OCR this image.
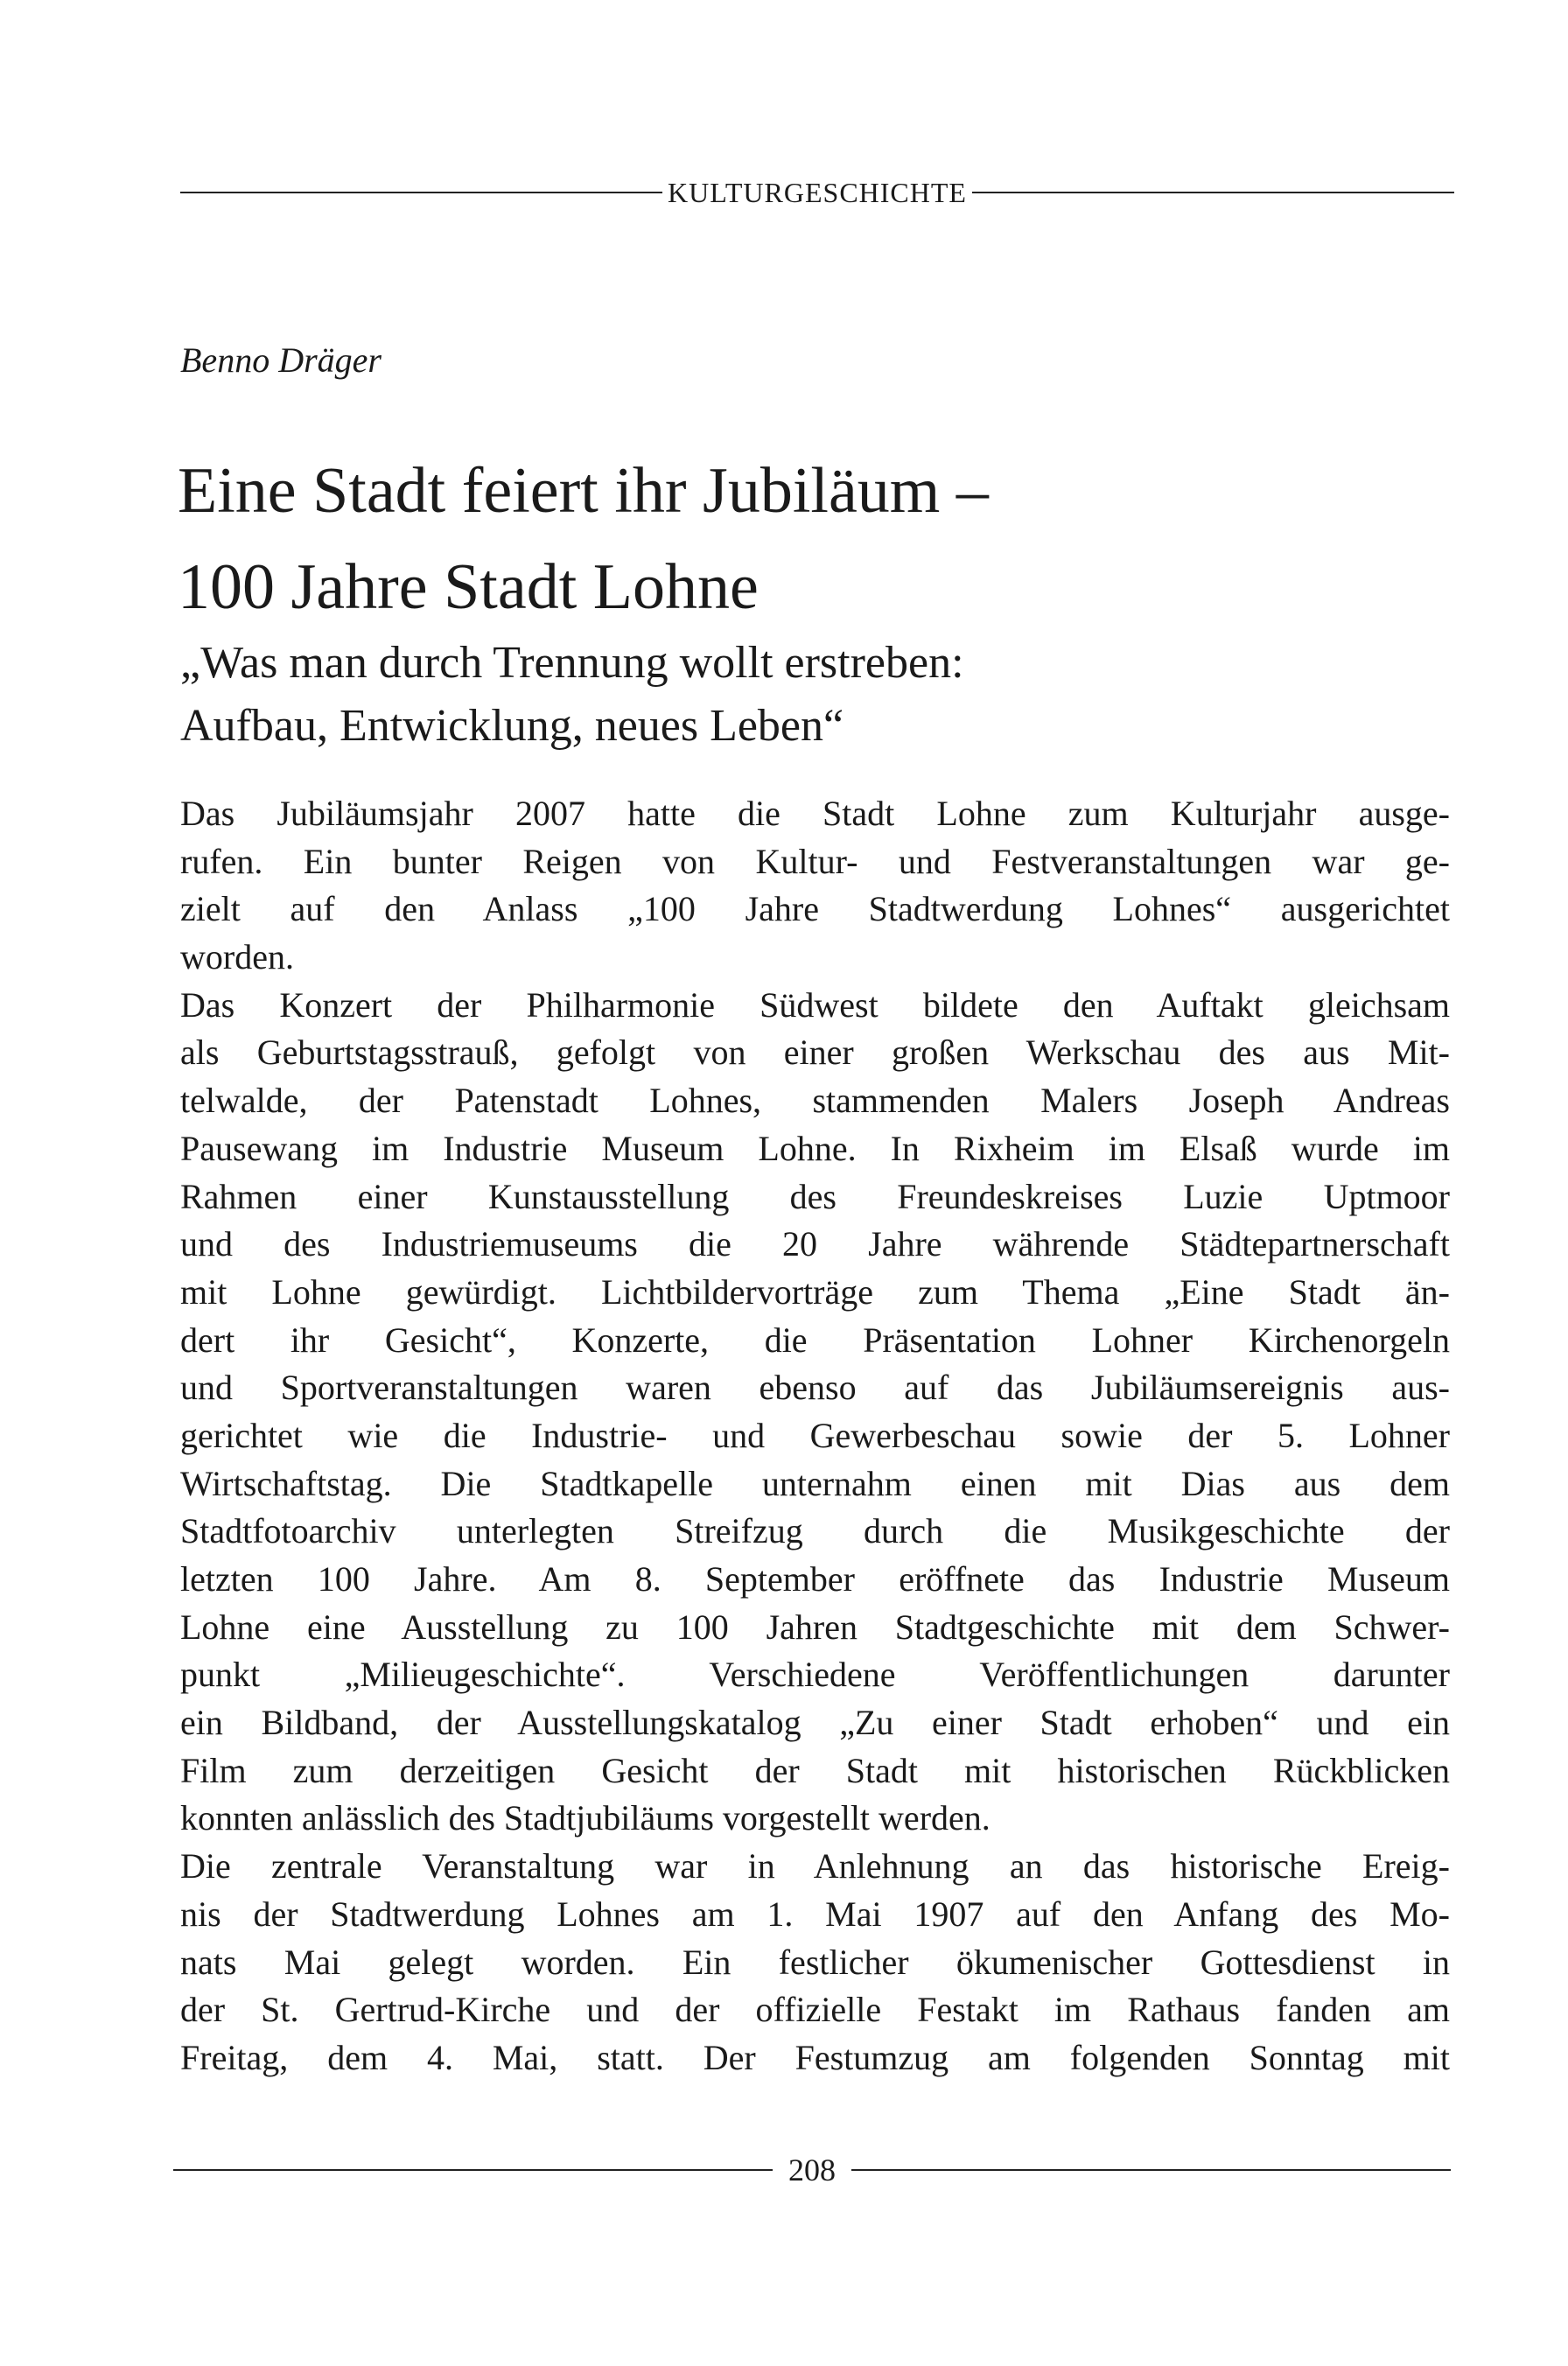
KULTURGESCHICHTE
Benno Dräger
Eine Stadt feiert ihr Jubiläum –
100 Jahre Stadt Lohne
„Was man durch Trennung wollt erstreben:
Aufbau, Entwicklung, neues Leben“
Das Jubiläumsjahr 2007 hatte die Stadt Lohne zum Kulturjahr ausge-
rufen. Ein bunter Reigen von Kultur- und Festveranstaltungen war ge-
zielt auf den Anlass „100 Jahre Stadtwerdung Lohnes“ ausgerichtet
worden.
Das Konzert der Philharmonie Südwest bildete den Auftakt gleichsam
als Geburtstagsstrauß, gefolgt von einer großen Werkschau des aus Mit-
telwalde, der Patenstadt Lohnes, stammenden Malers Joseph Andreas
Pausewang im Industrie Museum Lohne. In Rixheim im Elsaß wurde im
Rahmen einer Kunstausstellung des Freundeskreises Luzie Uptmoor
und des Industriemuseums die 20 Jahre währende Städtepartnerschaft
mit Lohne gewürdigt. Lichtbildervorträge zum Thema „Eine Stadt än-
dert ihr Gesicht“, Konzerte, die Präsentation Lohner Kirchenorgeln
und Sportveranstaltungen waren ebenso auf das Jubiläumsereignis aus-
gerichtet wie die Industrie- und Gewerbeschau sowie der 5. Lohner
Wirtschaftstag. Die Stadtkapelle unternahm einen mit Dias aus dem
Stadtfotoarchiv unterlegten Streifzug durch die Musikgeschichte der
letzten 100 Jahre. Am 8. September eröffnete das Industrie Museum
Lohne eine Ausstellung zu 100 Jahren Stadtgeschichte mit dem Schwer-
punkt „Milieugeschichte“. Verschiedene Veröffentlichungen darunter
ein Bildband, der Ausstellungskatalog „Zu einer Stadt erhoben“ und ein
Film zum derzeitigen Gesicht der Stadt mit historischen Rückblicken
konnten anlässlich des Stadtjubiläums vorgestellt werden.
Die zentrale Veranstaltung war in Anlehnung an das historische Ereig-
nis der Stadtwerdung Lohnes am 1. Mai 1907 auf den Anfang des Mo-
nats Mai gelegt worden. Ein festlicher ökumenischer Gottesdienst in
der St. Gertrud-Kirche und der offizielle Festakt im Rathaus fanden am
Freitag, dem 4. Mai, statt. Der Festumzug am folgenden Sonntag mit
208
